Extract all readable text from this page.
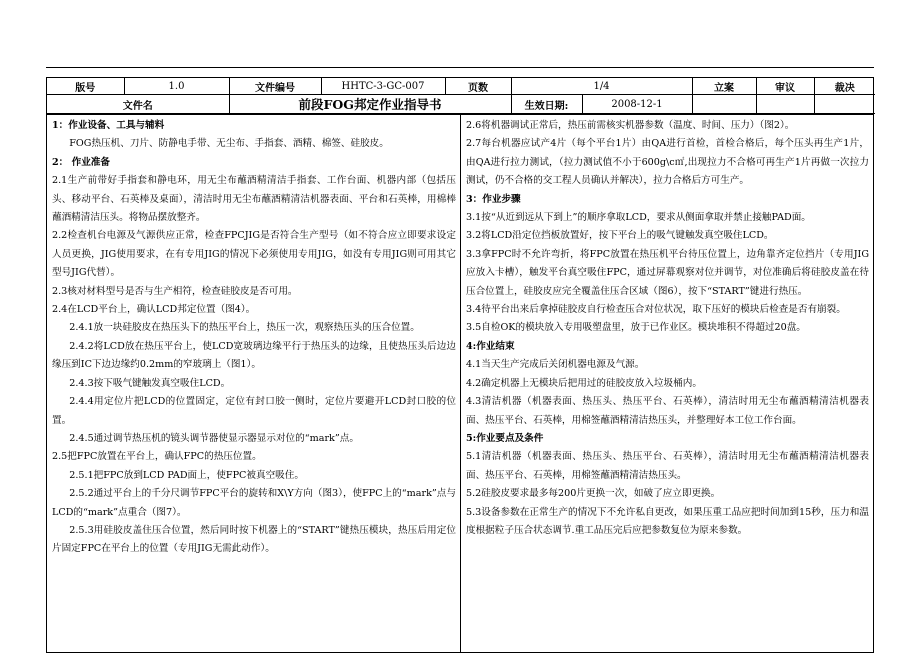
版号	1.0	文件编号	HHTC-3-GC-007	页数	1/4	立案	审议	裁决
文件名		前段FOG邦定作业指导书			生效日期: 2008-12-1			

1：作业设备、工具与辅料

FOG热压机、刀片、防静电手带、无尘布、手指套、酒精、棉签、硅胶皮。

2： 作业准备

2.1生产前带好手指套和静电环，用无尘布蘸酒精清洁手指套、工作台面、机器内部（包括压头、移动平台、石英棒及桌面），清洁时用无尘布蘸酒精清洁机器表面、平台和石英棒，用棉棒蘸酒精清洁压头。将物品摆放整齐。

2.2检查机台电源及气源供应正常，检查FPCJIG是否符合生产型号（如不符合应立即要求设定人员更换，JIG使用要求，在有专用JIG的情况下必须使用专用JIG，如没有专用JIG则可用其它型号JIG代替）。

2.3核对材料型号是否与生产相符，检查硅胶皮是否可用。

2.4在LCD平台上，确认LCD邦定位置（图4）。

2.4.1放一块硅胶皮在热压头下的热压平台上，热压一次，观察热压头的压合位置。

2.4.2将LCD放在热压平台上，使LCD宽玻璃边缘平行于热压头的边缘，且使热压头后边边缘压到IC下边边缘约0.2mm的窄玻璃上（图1）。

2.4.3按下吸气键触发真空吸住LCD。

2.4.4用定位片把LCD的位置固定，定位有封口胶一侧时，定位片要避开LCD封口胶的位置。

2.4.5通过调节热压机的镜头调节器使显示器显示对位的“mark”点。

2.5把FPC放置在平台上，确认FPC的热压位置。

2.5.1把FPC放到LCD PAD面上，使FPC被真空吸住。

2.5.2通过平台上的千分尺调节FPC平台的旋转和X\Y方向（图3），使FPC上的“mark”点与LCD的“mark”点重合（图7）。

2.5.3用硅胶皮盖住压合位置，然后同时按下机器上的“START”键热压模块，热压后用定位片固定FPC在平台上的位置（专用JIG无需此动作）。

2.6将机器调试正常后，热压前需核实机器参数（温度、时间、压力）（图2）。

2.7每台机器应试产4片（每个平台1片）由QA进行首检，首检合格后，每个压头再生产1片，由QA进行拉力测试，（拉力测试值不小于600g\c㎡,出现拉力不合格可再生产1片再做一次拉力测试，仍不合格的交工程人员确认并解决），拉力合格后方可生产。

3：作业步骤

3.1按“从近到远从下到上”的顺序拿取LCD，要求从侧面拿取并禁止接触PAD面。

3.2将LCD沿定位挡板放置好，按下平台上的吸气键触发真空吸住LCD。

3.3拿FPC时不允许弯折，将FPC放置在热压机平台待压位置上，边角靠齐定位挡片（专用JIG应放入卡槽），触发平台真空吸住FPC，通过屏幕观察对位并调节，对位准确后将硅胶皮盖在待压合位置上，硅胶皮应完全覆盖住压合区域（图6），按下“START”键进行热压。

3.4待平台出来后拿掉硅胶皮自行检查压合对位状况，取下压好的模块后检查是否有崩裂。

3.5自检OK的模块放入专用吸塑盘里，放于已作业区。模块堆积不得超过20盘。

4:作业结束

4.1当天生产完成后关闭机器电源及气源。

4.2确定机器上无模块后把用过的硅胶皮放入垃圾桶内。

4.3清洁机器（机器表面、热压头、热压平台、石英棒），清洁时用无尘布蘸酒精清洁机器表面、热压平台、石英棒，用棉签蘸酒精清洁热压头，并整理好本工位工作台面。

5:作业要点及条件

5.1清洁机器（机器表面、热压头、热压平台、石英棒），清洁时用无尘布蘸酒精清洁机器表面、热压平台、石英棒，用棉签蘸酒精清洁热压头。

5.2硅胶皮要求最多每200片更换一次，如破了应立即更换。

5.3设备参数在正常生产的情况下不允许私自更改，如果压重工品应把时间加到15秒，压力和温度根据粒子压合状态调节.重工品压完后应把参数复位为原来参数。
